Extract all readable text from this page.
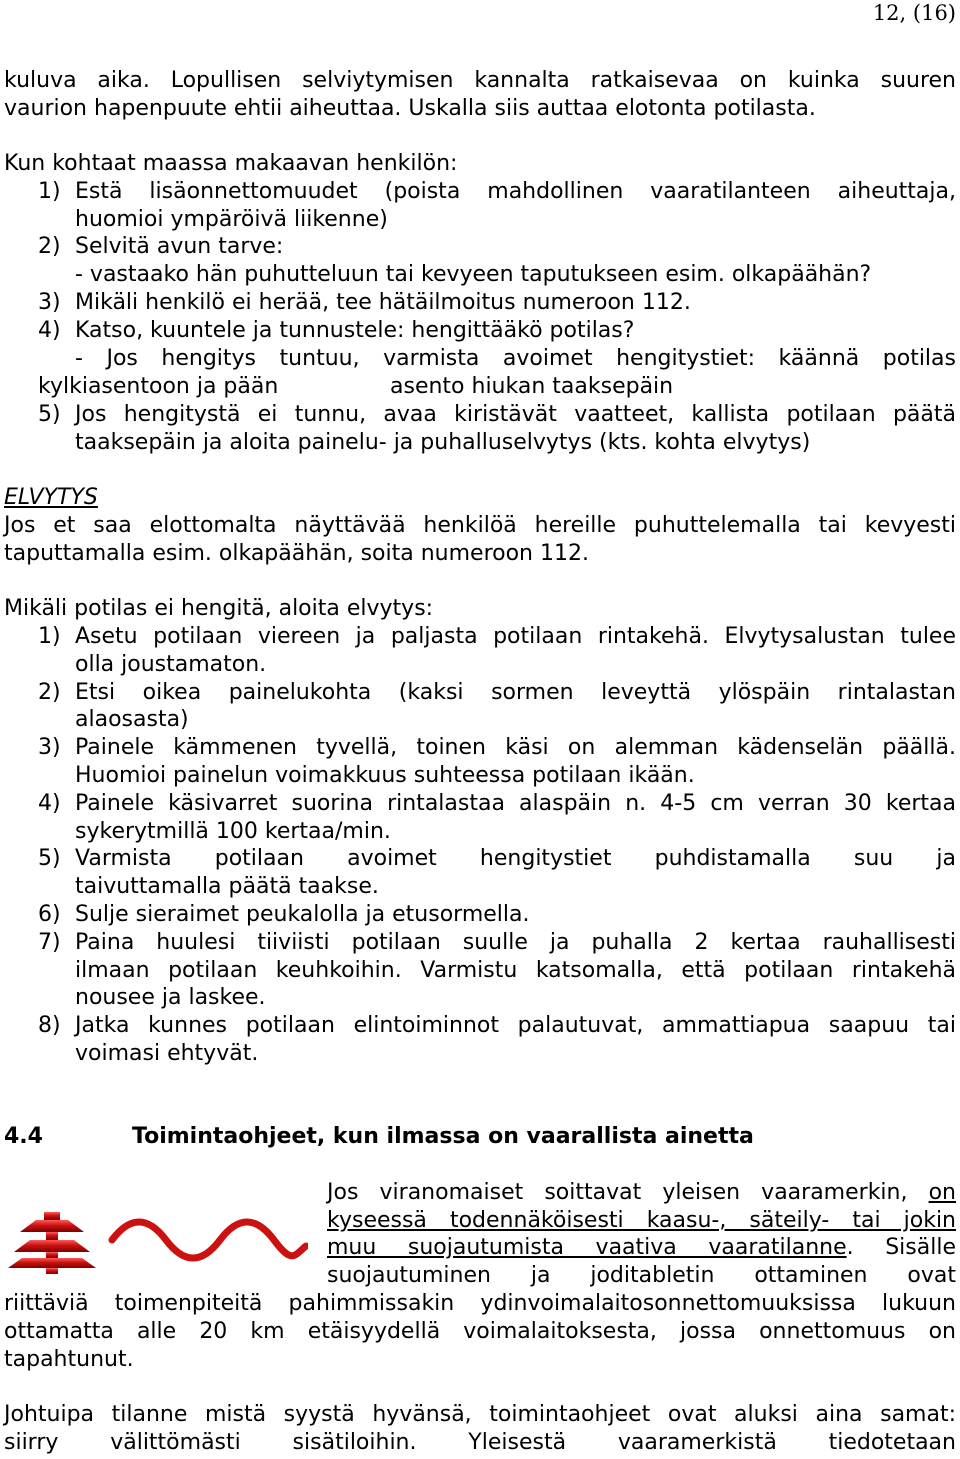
12, (16)
kuluva aika. Lopullisen selviytymisen kannalta ratkaisevaa on kuinka suuren
vaurion hapenpuute ehtii aiheuttaa. Uskalla siis auttaa elotonta potilasta.
Kun kohtaat maassa makaavan henkilön:
1) Estä lisäonnettomuudet (poista mahdollinen vaaratilanteen aiheuttaja,
huomioi ympäröivä liikenne)
2) Selvitä avun tarve:
- vastaako hän puhutteluun tai kevyeen taputukseen esim. olkapäähän?
3) Mikäli henkilö ei herää, tee hätäilmoitus numeroon 112.
4) Katso, kuuntele ja tunnustele: hengittääkö potilas?
- Jos hengitys tuntuu, varmista avoimet hengitystiet: käännä potilas
kylkiasentoon ja pään	asento hiukan taaksepäin
5) Jos hengitystä ei tunnu, avaa kiristävät vaatteet, kallista potilaan päätä
taaksepäin ja aloita painelu- ja puhalluselvytys (kts. kohta elvytys)
ELVYTYS
Jos et saa elottomalta näyttävää henkilöä hereille puhuttelemalla tai kevyesti
taputtamalla esim. olkapäähän, soita numeroon 112.
Mikäli potilas ei hengitä, aloita elvytys:
1) Asetu potilaan viereen ja paljasta potilaan rintakehä. Elvytysalustan tulee
olla joustamaton.
2) Etsi oikea painelukohta (kaksi sormen leveyttä ylöspäin rintalastan
alaosasta)
3) Painele kämmenen tyvellä, toinen käsi on alemman kädenselän päällä.
Huomioi painelun voimakkuus suhteessa potilaan ikään.
4) Painele käsivarret suorina rintalastaa alaspäin n. 4-5 cm verran 30 kertaa
sykerytmillä 100 kertaa/min.
5) Varmista potilaan avoimet hengitystiet puhdistamalla suu ja
taivuttamalla päätä taakse.
6) Sulje sieraimet peukalolla ja etusormella.
7) Paina huulesi tiiviisti potilaan suulle ja puhalla 2 kertaa rauhallisesti
ilmaan potilaan keuhkoihin. Varmistu katsomalla, että potilaan rintakehä
nousee ja laskee.
8) Jatka kunnes potilaan elintoiminnot palautuvat, ammattiapua saapuu tai
voimasi ehtyvät.
4.4	Toimintaohjeet, kun ilmassa on vaarallista ainetta
Jos viranomaiset soittavat yleisen vaaramerkin, on
kyseessä todennäköisesti kaasu-, säteily- tai jokin
muu suojautumista vaativa vaaratilanne. Sisälle
suojautuminen ja joditabletin ottaminen ovat
riittäviä toimenpiteitä pahimmissakin ydinvoimalaitosonnettomuuksissa lukuun
ottamatta alle 20 km etäisyydellä voimalaitoksesta, jossa onnettomuus on
tapahtunut.
Johtuipa tilanne mistä syystä hyvänsä, toimintaohjeet ovat aluksi aina samat:
siirry välittömästi sisätiloihin. Yleisestä vaaramerkistä tiedotetaan
